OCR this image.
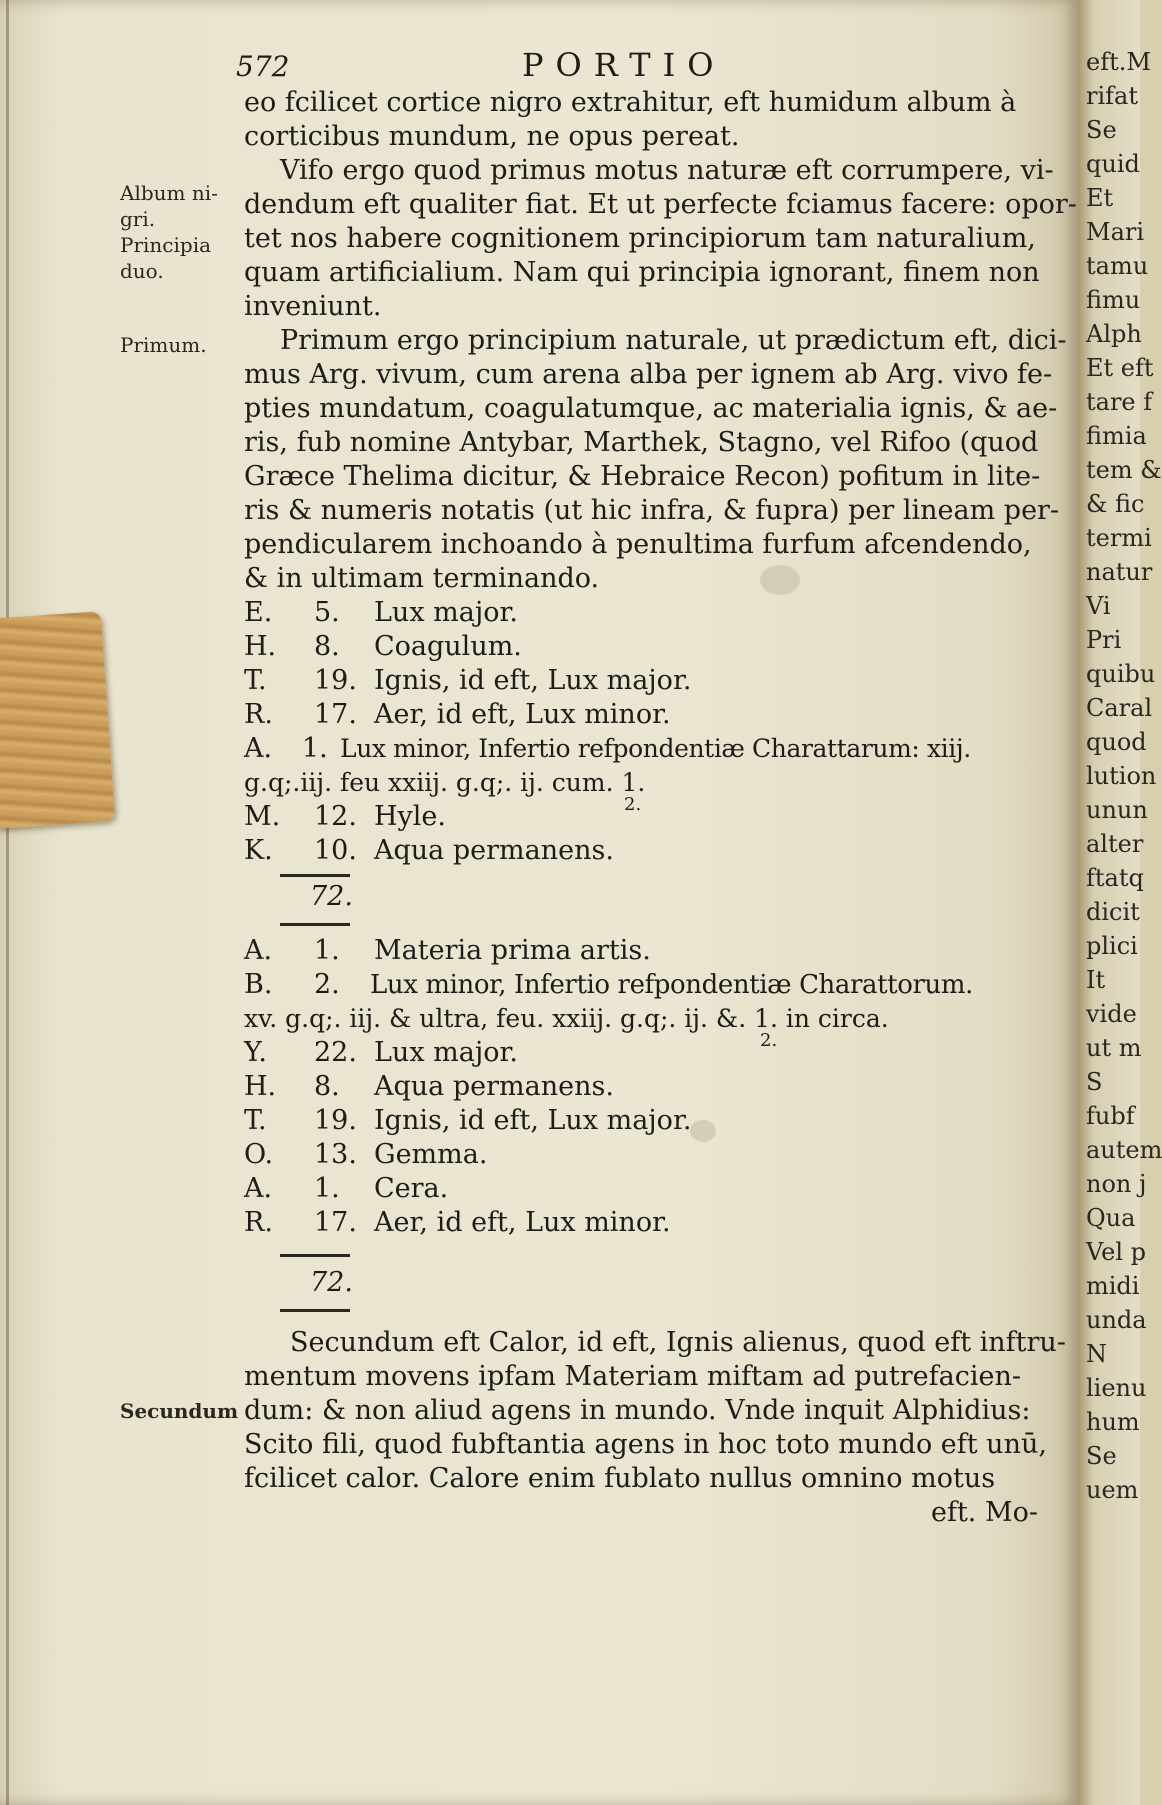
572	PORTIO
Album ni-
gri.
Principia
duo.
Primum.
Secundum
eo fcilicet cortice nigro extrahitur, eft humidum album à
corticibus mundum, ne opus pereat.
Vifo ergo quod primus motus naturæ eft corrumpere, vi-
dendum eft qualiter fiat. Et ut perfecte fciamus facere: opor-
tet nos habere cognitionem principiorum tam naturalium,
quam artificialium. Nam qui principia ignorant, finem non
inveniunt.
Primum ergo principium naturale, ut prædictum eft, dici-
mus Arg. vivum, cum arena alba per ignem ab Arg. vivo fe-
pties mundatum, coagulatumque, ac materialia ignis, & ae-
ris, fub nomine Antybar, Marthek, Stagno, vel Rifoo (quod
Græce Thelima dicitur, & Hebraice Recon) pofitum in lite-
ris & numeris notatis (ut hic infra, & fupra) per lineam per-
pendicularem inchoando à penultima furfum afcendendo,
& in ultimam terminando.
E.	5.	Lux major.
H.	8.	Coagulum.
T.	19. Ignis, id eft, Lux major.
R.	17. Aer, id eft, Lux minor.
A.	1. Lux minor, Infertio refpondentiæ Charattarum: xiij.
g.q;.iij. feu xxiij. g.q;. ij. cum. 1.
2.
M.	12. Hyle.
K.	10. Aqua permanens.
72.
A.	1.	Materia prima artis.
B.	2.	Lux minor, Infertio refpondentiæ Charattorum.
xv. g.q;. iij. & ultra, feu. xxiij. g.q;. ij. &. 1. in circa.
2.
Y.	22. Lux major.
H.	8.	Aqua permanens.
T.	19. Ignis, id eft, Lux major.
O.	13. Gemma.
A.	1.	Cera.
R.	17. Aer, id eft, Lux minor.
72.
Secundum eft Calor, id eft, Ignis alienus, quod eft inftru-
mentum movens ipfam Materiam miftam ad putrefacien-
dum: & non aliud agens in mundo. Vnde inquit Alphidius:
Scito fili, quod fubftantia agens in hoc toto mundo eft unū,
fcilicet calor. Calore enim fublato nullus omnino motus
eft. Mo-
eft.M
rifat
Se
quid
Et
Mari
tamu
fimu
Alph
Et eft
tare f
fimia
tem &
& fic
termi
natur
Vi
Pri
quibu
Caral
quod
lution
unun
alter
ftatq
dicit
plici
It
vide
ut m
S
fubf
autem
non j
Qua
Vel p
midi
unda
N
lienu
hum
Se
uem
